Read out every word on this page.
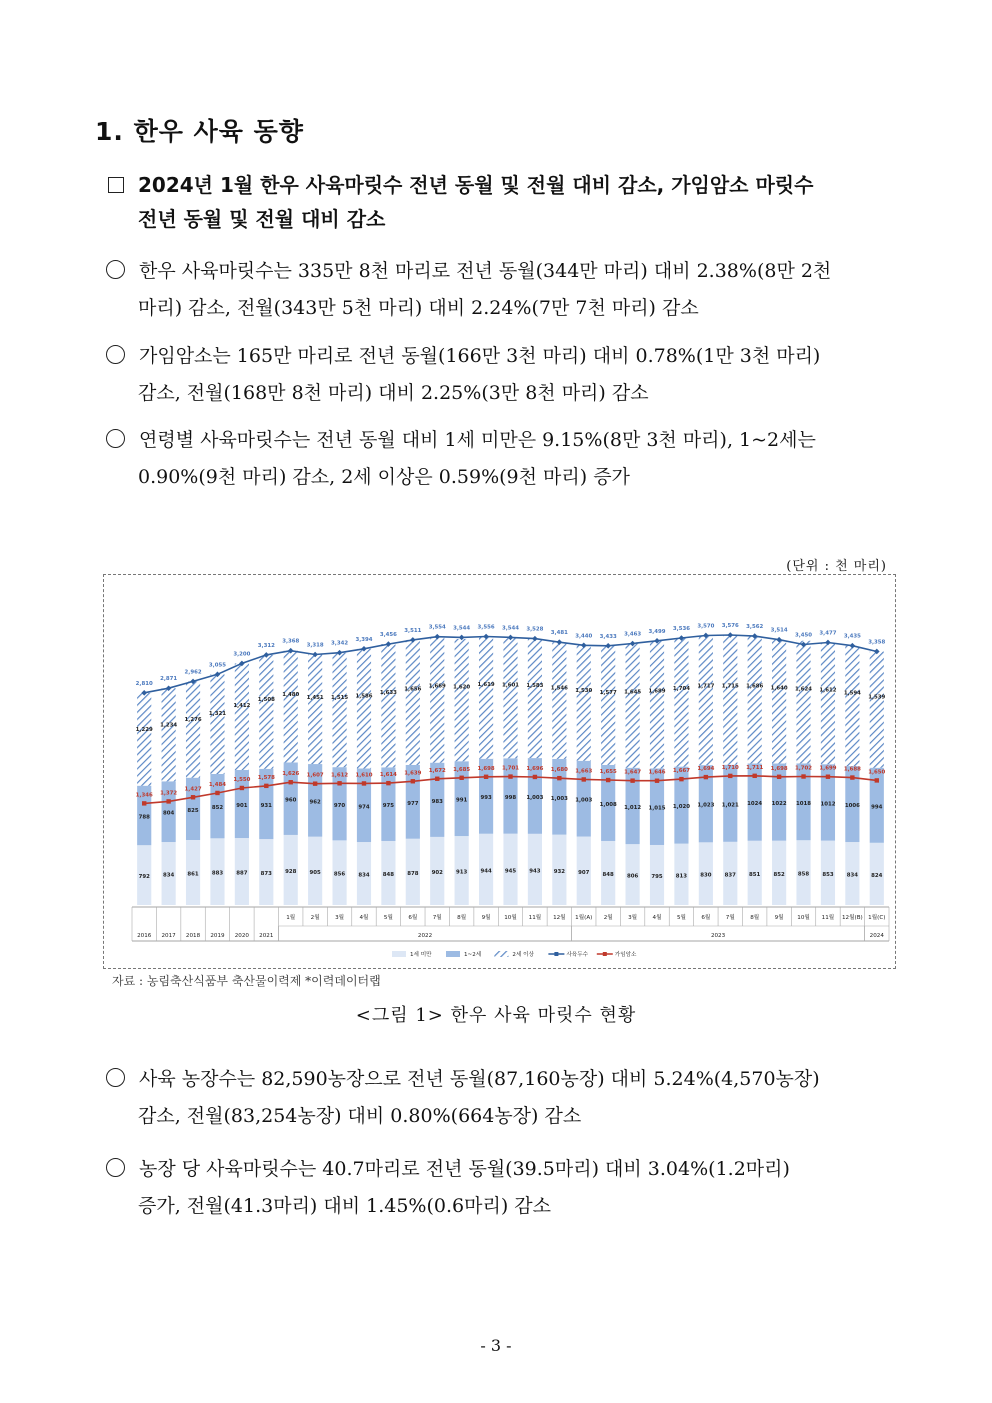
1. 한우 사육 동향
2024년 1월 한우 사육마릿수 전년 동월 및 전월 대비 감소, 가임암소 마릿수
전년 동월 및 전월 대비 감소
한우 사육마릿수는 335만 8천 마리로 전년 동월(344만 마리) 대비 2.38%(8만 2천
마리) 감소, 전월(343만 5천 마리) 대비 2.24%(7만 7천 마리) 감소
가임암소는 165만 마리로 전년 동월(166만 3천 마리) 대비 0.78%(1만 3천 마리)
감소, 전월(168만 8천 마리) 대비 2.25%(3만 8천 마리) 감소
연령별 사육마릿수는 전년 동월 대비 1세 미만은 9.15%(8만 3천 마리), 1~2세는
0.90%(9천 마리) 감소, 2세 이상은 0.59%(9천 마리) 증가
(단위 : 천 마리)
792
788
1,229
834
804
1,234
861
825
1,276
883
852
1,321
887
901
1,412
873
931
1,508
928
960
1,480
905
962
1,451
856
970
1,515
834
974
1,586
848
975
1,633
878
977
1,656
902
983
1,669
913
991
1,620
944
993
1,619
945
998
1,601
943
1,003
1,583
932
1,003
1,546
907
1,003
1,530
848
1,008
1,577
806
1,012
1,645
795
1,015
1,689
813
1,020
1,704
830
1,023
1,717
837
1,021
1,715
851
1024
1,686
852
1022
1,640
858
1018
1,624
853
1012
1,612
834
1006
1,594
824
994
1,539
2,810
2,871
2,962
3,055
3,200
3,312
3,368
3,318 3,342
3,394
3,456
3,511
3,554 3,544 3,556 3,544 3,528
3,481
3,440 3,433 3,463 3,499 3,536 3,570 3,576 3,562
3,514
3,450 3,477
3,435
3,358
1,346 1,372
1,427
1,484
1,550 1,578
1,626 1,607 1,612 1,610 1,614 1,639 1,672 1,685 1,698 1,701 1,696 1,680 1,663 1,655 1,647 1,646 1,667 1,694 1,710 1,711 1,698 1,702 1,699 1,688 1,650
2022	2023	2024
2016 2017 2018 2019 2020 2021
1월	2월	3월	4월	5월	6월	7월	8월	9월 10월 11월 12월 1월(A) 2월	3월	4월	5월	6월	7월	8월	9월 10월 11월 12월(B) 1월(C)
1세 미만	1~2세	2세 이상	사육두수	가임암소
자료 : 농림축산식품부 축산물이력제 *이력데이터랩
<그림 1> 한우 사육 마릿수 현황
사육 농장수는 82,590농장으로 전년 동월(87,160농장) 대비 5.24%(4,570농장)
감소, 전월(83,254농장) 대비 0.80%(664농장) 감소
농장 당 사육마릿수는 40.7마리로 전년 동월(39.5마리) 대비 3.04%(1.2마리)
증가, 전월(41.3마리) 대비 1.45%(0.6마리) 감소
- 3 -
